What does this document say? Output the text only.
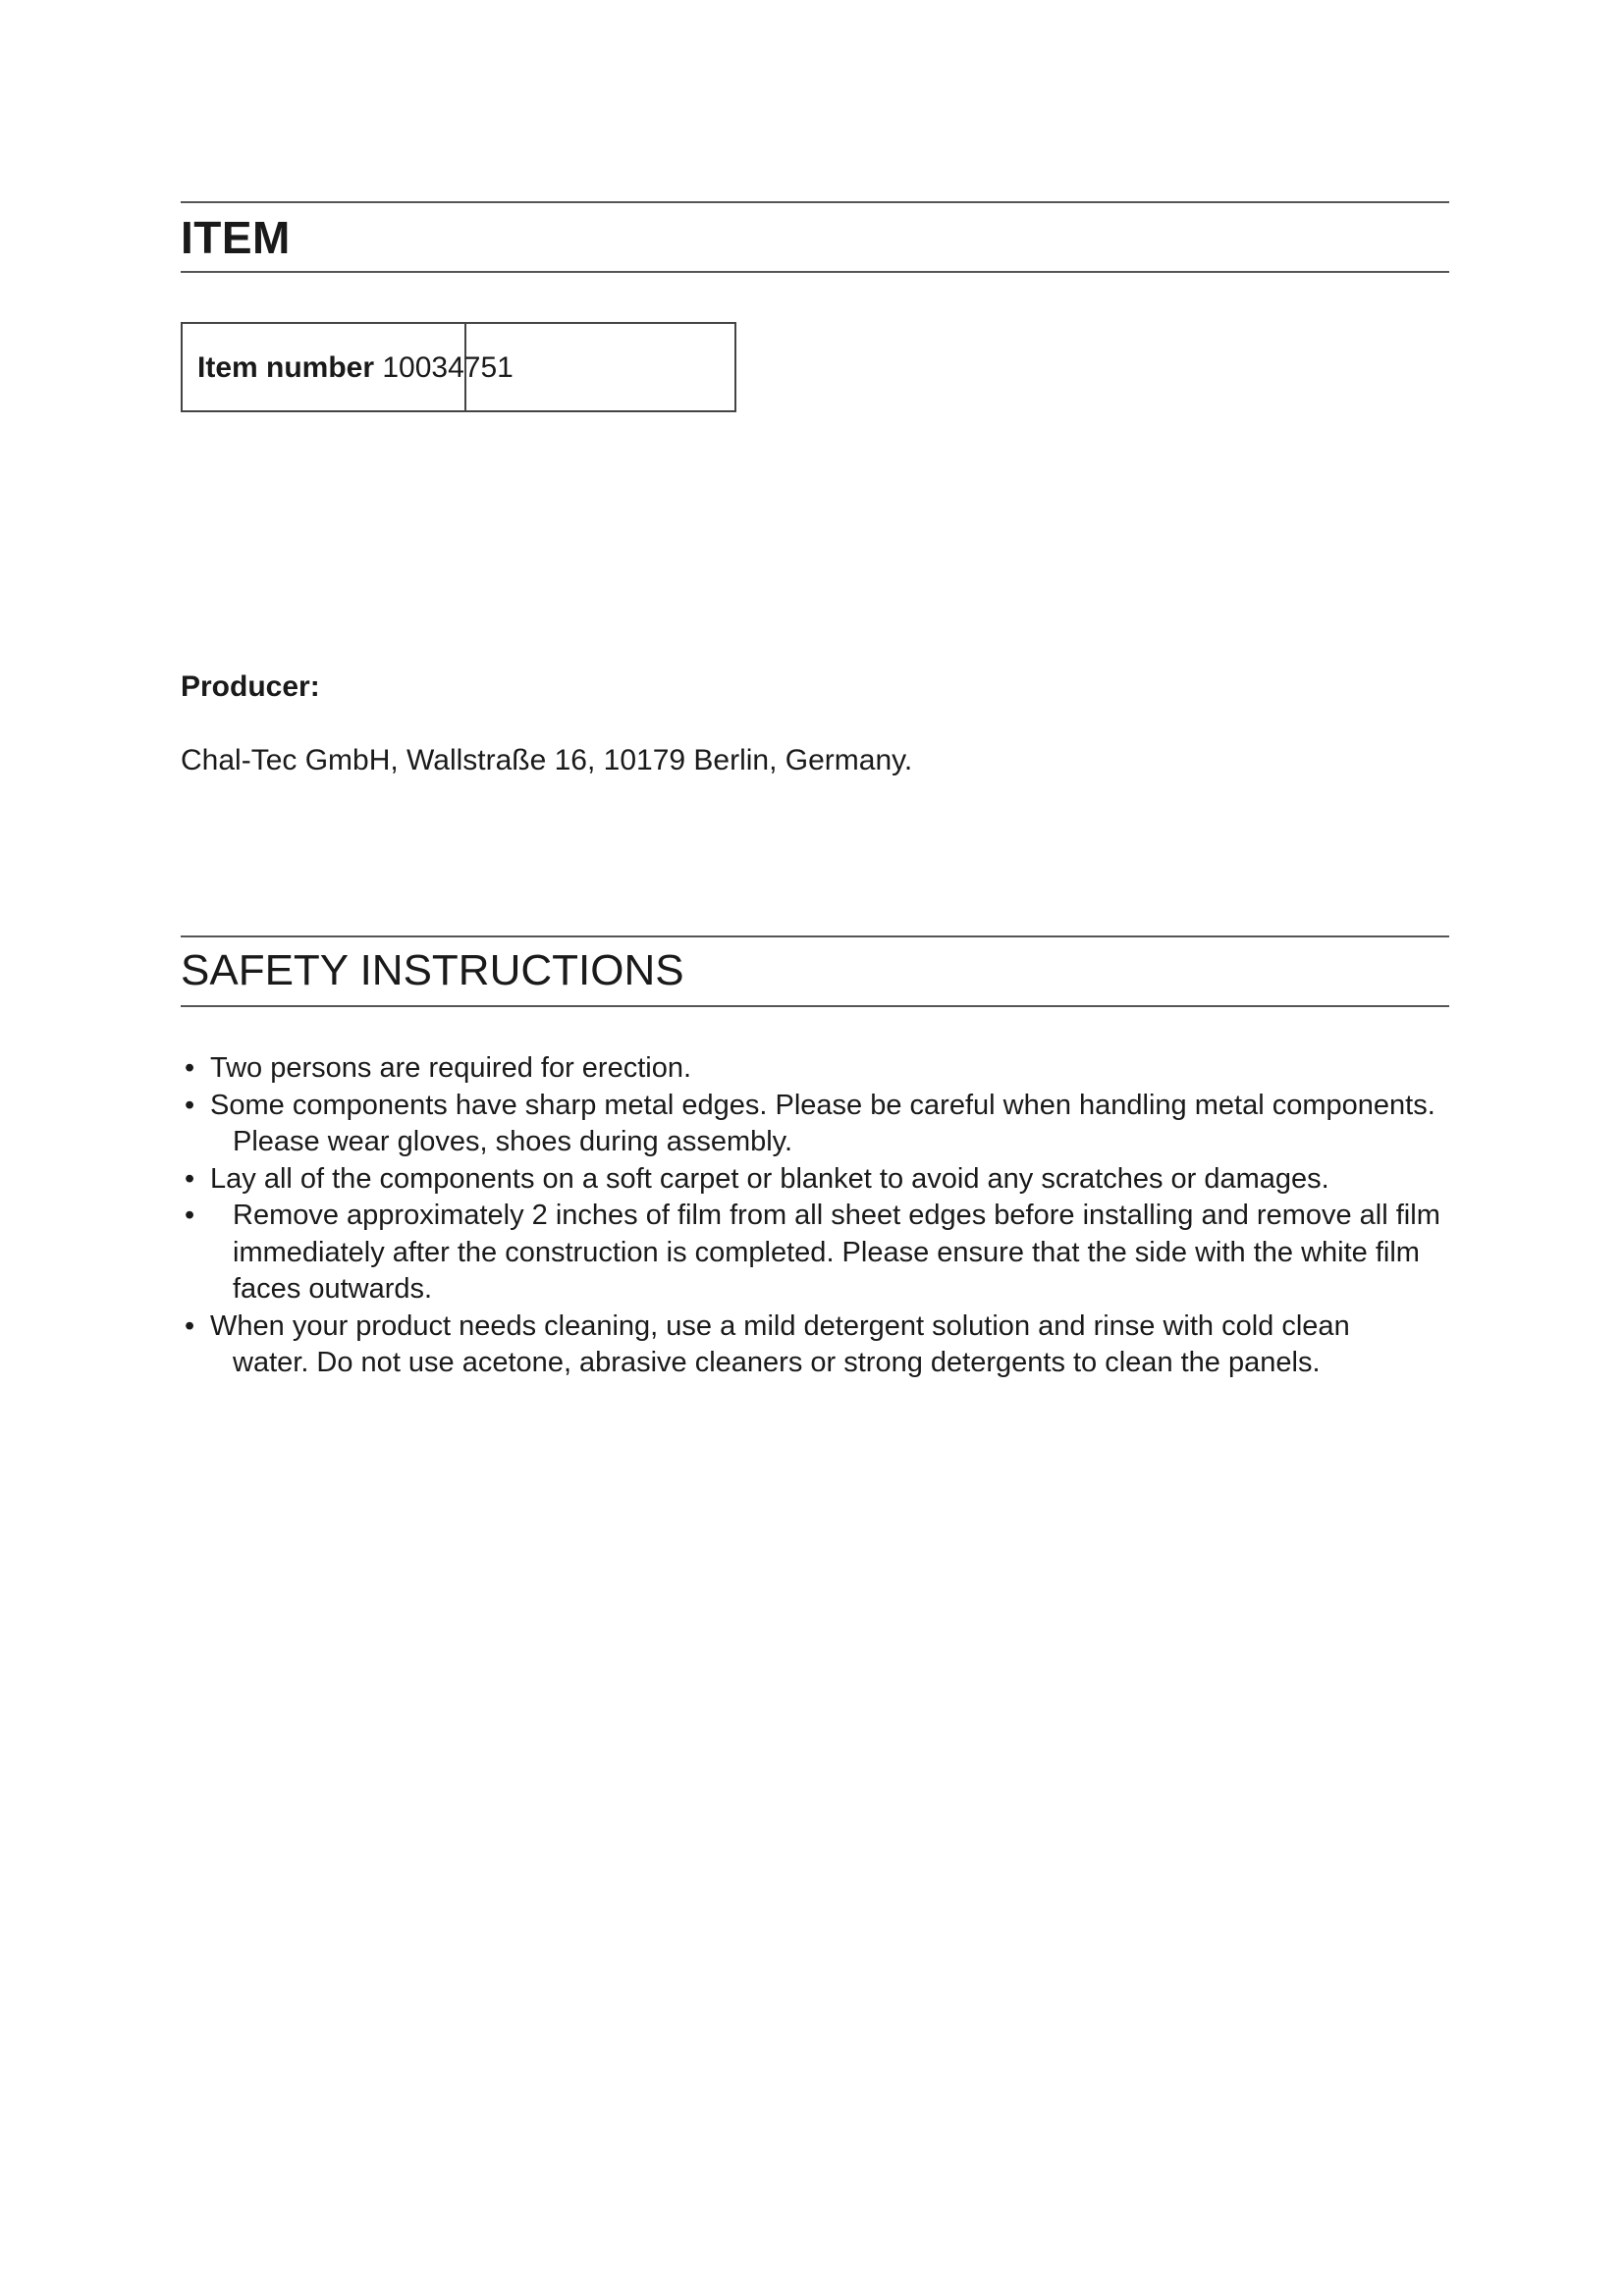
ITEM
Item number 10034751
Producer:
Chal-Tec GmbH, Wallstraße 16, 10179 Berlin, Germany.
SAFETY INSTRUCTIONS
• Two persons are required for erection.
• Some components have sharp metal edges. Please be careful when handling metal components.
Please wear gloves, shoes during assembly.
• Lay all of the components on a soft carpet or blanket to avoid any scratches or damages.
•	Remove approximately 2 inches of film from all sheet edges before installing and remove all film
immediately after the construction is completed. Please ensure that the side with the white film
faces outwards.
• When your product needs cleaning, use a mild detergent solution and rinse with cold clean
water. Do not use acetone, abrasive cleaners or strong detergents to clean the panels.
